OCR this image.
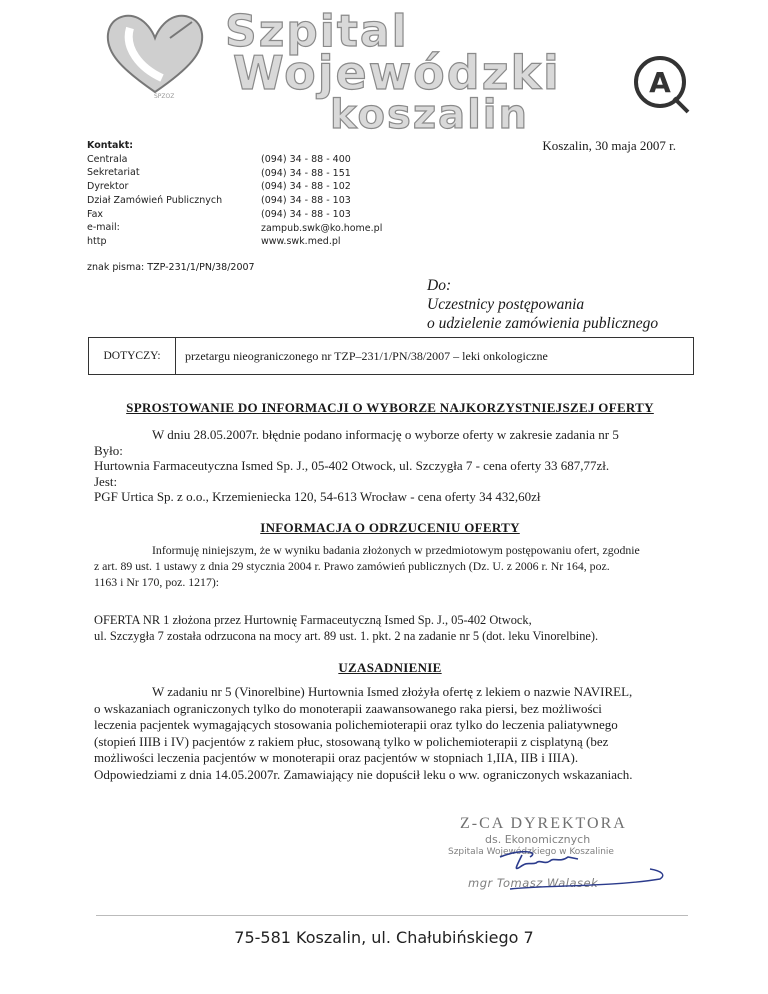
SPZOZ
Szpital
Wojewódzki
koszalin
A
Kontakt:
Centrala
Sekretariat
Dyrektor
Dział Zamówień Publicznych
Fax
e-mail:
http
(094) 34 - 88 - 400
(094) 34 - 88 - 151
(094) 34 - 88 - 102
(094) 34 - 88 - 103
(094) 34 - 88 - 103
zampub.swk@ko.home.pl
www.swk.med.pl
Koszalin, 30 maja 2007 r.
znak pisma: TZP-231/1/PN/38/2007
Do:
Uczestnicy postępowania
o udzielenie zamówienia publicznego
DOTYCZY:	przetargu nieograniczonego nr TZP–231/1/PN/38/2007 – leki onkologiczne
SPROSTOWANIE DO INFORMACJI O WYBORZE NAJKORZYSTNIEJSZEJ OFERTY
W dniu 28.05.2007r. błędnie podano informację o wyborze oferty w zakresie zadania nr 5
Było:
Hurtownia Farmaceutyczna Ismed Sp. J., 05-402 Otwock, ul. Szczygła 7 - cena oferty 33 687,77zł.
Jest:
PGF Urtica Sp. z o.o., Krzemieniecka 120, 54-613 Wrocław - cena oferty 34 432,60zł
INFORMACJA O ODRZUCENIU OFERTY
Informuję niniejszym, że w wyniku badania złożonych w przedmiotowym postępowaniu ofert, zgodnie
z art. 89 ust. 1 ustawy z dnia 29 stycznia 2004 r. Prawo zamówień publicznych (Dz. U. z 2006 r. Nr 164, poz.
1163 i Nr 170, poz. 1217):
OFERTA NR 1 złożona przez Hurtownię Farmaceutyczną Ismed Sp. J., 05-402 Otwock,
ul. Szczygła 7 została odrzucona na mocy art. 89 ust. 1. pkt. 2 na zadanie nr 5 (dot. leku Vinorelbine).
UZASADNIENIE
W zadaniu nr 5 (Vinorelbine) Hurtownia Ismed złożyła ofertę z lekiem o nazwie NAVIREL,
o wskazaniach ograniczonych tylko do monoterapii zaawansowanego raka piersi, bez możliwości
leczenia pacjentek wymagających stosowania polichemioterapii oraz tylko do leczenia paliatywnego
(stopień IIIB i IV) pacjentów z rakiem płuc, stosowaną tylko w polichemioterapii z cisplatyną (bez
możliwości leczenia pacjentów w monoterapii oraz pacjentów w stopniach 1,IIA, IIB i IIIA).
Odpowiedziami z dnia 14.05.2007r. Zamawiający nie dopuścił leku o ww. ograniczonych wskazaniach.
Z-CA DYREKTORA
ds. Ekonomicznych
Szpitala Wojewódzkiego w Koszalinie
mgr Tomasz Walasek
75-581 Koszalin, ul. Chałubińskiego 7
